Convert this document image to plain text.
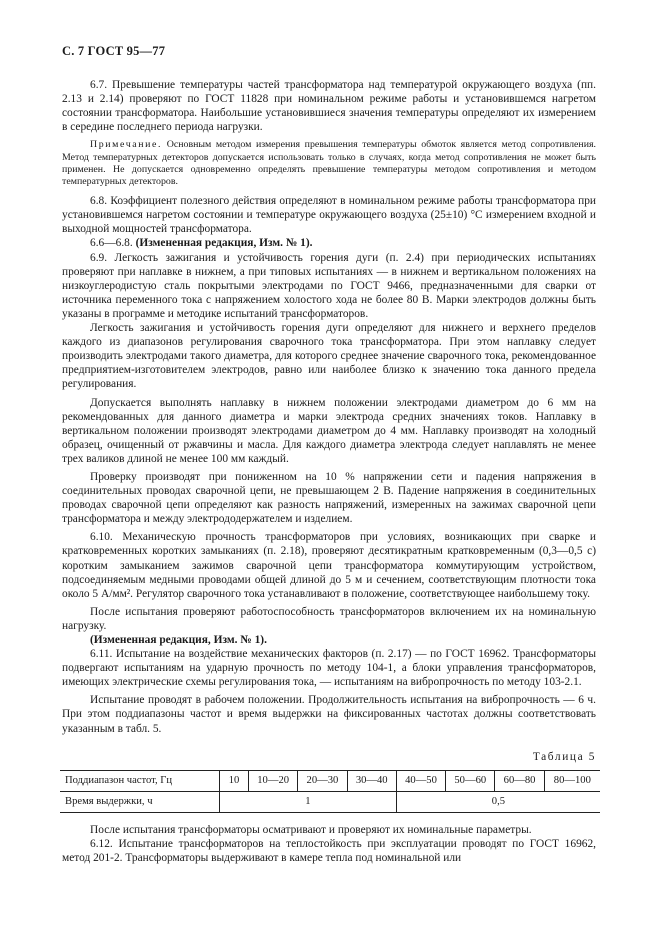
С. 7 ГОСТ 95—77

6.7. Превышение температуры частей трансформатора над температурой окружающего воздуха (пп. 2.13 и 2.14) проверяют по ГОСТ 11828 при номинальном режиме работы и установившемся нагретом состоянии трансформатора. Наибольшие установившиеся значения температуры определяют их измерением в середине последнего периода нагрузки.

Примечание. Основным методом измерения превышения температуры обмоток является метод сопротивления. Метод температурных детекторов допускается использовать только в случаях, когда метод сопротивления не может быть применен. Не допускается одновременно определять превышение температуры методом сопротивления и методом температурных детекторов.

6.8. Коэффициент полезного действия определяют в номинальном режиме работы трансформатора при установившемся нагретом состоянии и температуре окружающего воздуха (25±10) °С измерением входной и выходной мощностей трансформатора.

6.6—6.8. (Измененная редакция, Изм. № 1).

6.9. Легкость зажигания и устойчивость горения дуги (п. 2.4) при периодических испытаниях проверяют при наплавке в нижнем, а при типовых испытаниях — в нижнем и вертикальном положениях на низкоуглеродистую сталь покрытыми электродами по ГОСТ 9466, предназначенными для сварки от источника переменного тока с напряжением холостого хода не более 80 В. Марки электродов должны быть указаны в программе и методике испытаний трансформаторов.

Легкость зажигания и устойчивость горения дуги определяют для нижнего и верхнего пределов каждого из диапазонов регулирования сварочного тока трансформатора. При этом наплавку следует производить электродами такого диаметра, для которого среднее значение сварочного тока, рекомендованное предприятием-изготовителем электродов, равно или наиболее близко к значению тока данного предела регулирования.

Допускается выполнять наплавку в нижнем положении электродами диаметром до 6 мм на рекомендованных для данного диаметра и марки электрода средних значениях токов. Наплавку в вертикальном положении производят электродами диаметром до 4 мм. Наплавку производят на холодный образец, очищенный от ржавчины и масла. Для каждого диаметра электрода следует наплавлять не менее трех валиков длиной не менее 100 мм каждый.

Проверку производят при пониженном на 10 % напряжении сети и падения напряжения в соединительных проводах сварочной цепи, не превышающем 2 В. Падение напряжения в соединительных проводах сварочной цепи определяют как разность напряжений, измеренных на зажимах сварочной цепи трансформатора и между электрододержателем и изделием.

6.10. Механическую прочность трансформаторов при условиях, возникающих при сварке и кратковременных коротких замыканиях (п. 2.18), проверяют десятикратным кратковременным (0,3—0,5 с) коротким замыканием зажимов сварочной цепи трансформатора коммутирующим устройством, подсоединяемым медными проводами общей длиной до 5 м и сечением, соответствующим плотности тока около 5 А/мм². Регулятор сварочного тока устанавливают в положение, соответствующее наибольшему току.

После испытания проверяют работоспособность трансформаторов включением их на номинальную нагрузку.

(Измененная редакция, Изм. № 1).

6.11. Испытание на воздействие механических факторов (п. 2.17) — по ГОСТ 16962. Трансформаторы подвергают испытаниям на ударную прочность по методу 104-1, а блоки управления трансформаторов, имеющих электрические схемы регулирования тока, — испытаниям на вибропрочность по методу 103-2.1.

Испытание проводят в рабочем положении. Продолжительность испытания на вибропрочность — 6 ч. При этом поддиапазоны частот и время выдержки на фиксированных частотах должны соответствовать указанным в табл. 5.

Таблица 5
Поддиапазон частот, Гц	10	10—20	20—30	30—40	40—50	50—60	60—80	80—100
Время выдержки, ч	1				0,5			

После испытания трансформаторы осматривают и проверяют их номинальные параметры.

6.12. Испытание трансформаторов на теплостойкость при эксплуатации проводят по ГОСТ 16962, метод 201-2. Трансформаторы выдерживают в камере тепла под номинальной или
